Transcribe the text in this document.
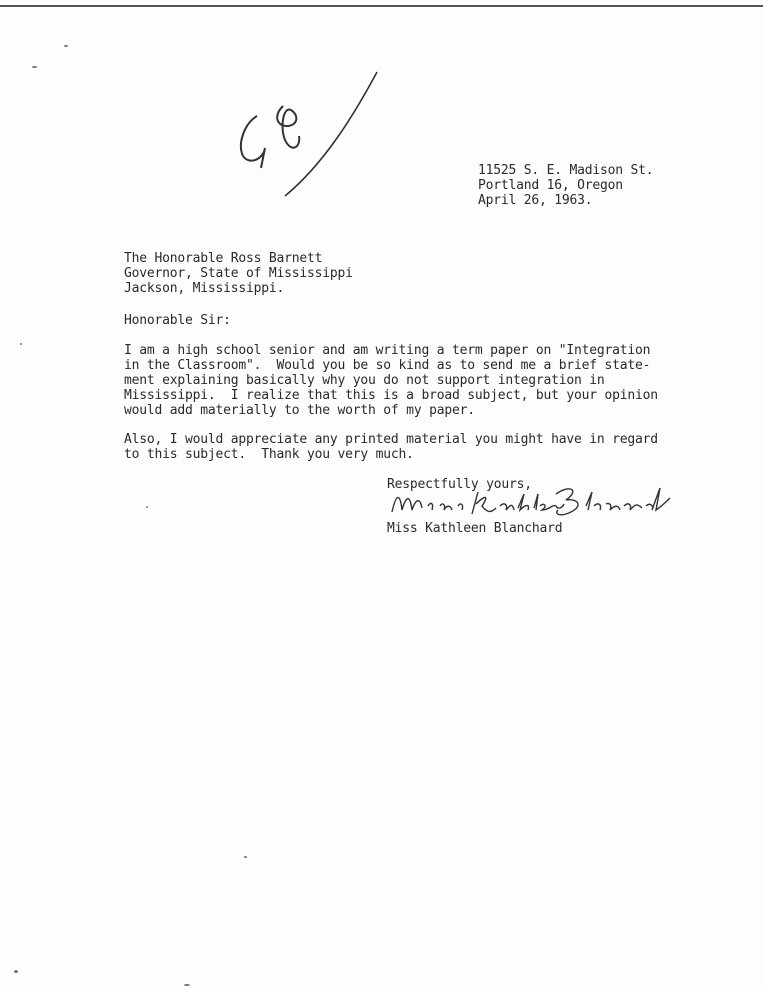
11525 S. E. Madison St.
Portland 16, Oregon
April 26, 1963.
The Honorable Ross Barnett
Governor, State of Mississippi
Jackson, Mississippi.
Honorable Sir:
I am a high school senior and am writing a term paper on "Integration
in the Classroom".  Would you be so kind as to send me a brief state-
ment explaining basically why you do not support integration in
Mississippi.  I realize that this is a broad subject, but your opinion
would add materially to the worth of my paper.
Also, I would appreciate any printed material you might have in regard
to this subject.  Thank you very much.
Respectfully yours,
Miss Kathleen Blanchard
